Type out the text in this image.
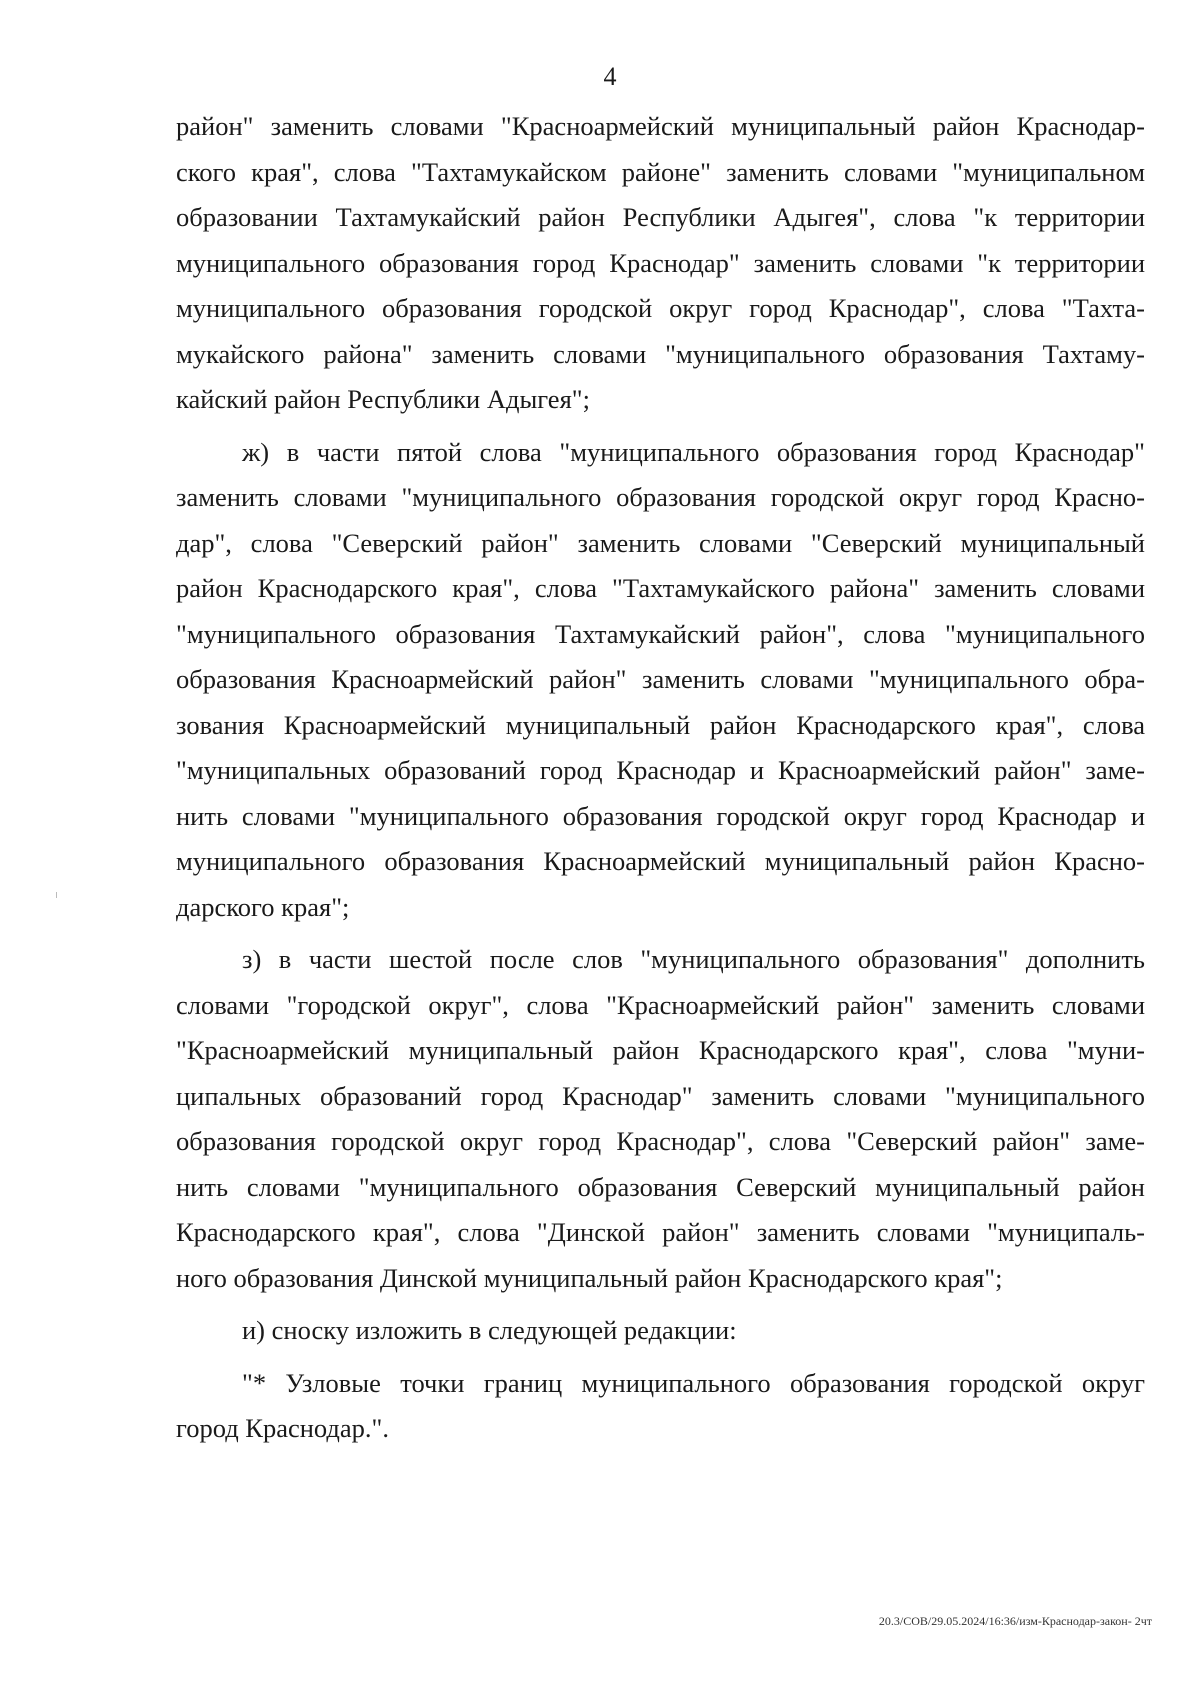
4
район" заменить словами "Красноармейский муниципальный район Краснодар-
ского края", слова "Тахтамукайском районе" заменить словами "муниципальном
образовании Тахтамукайский район Республики Адыгея", слова "к территории
муниципального образования город Краснодар" заменить словами "к территории
муниципального образования городской округ город Краснодар", слова "Тахта-
мукайского района" заменить словами "муниципального образования Тахтаму-
кайский район Республики Адыгея";
ж) в части пятой слова "муниципального образования город Краснодар"
заменить словами "муниципального образования городской округ город Красно-
дар", слова "Северский район" заменить словами "Северский муниципальный
район Краснодарского края", слова "Тахтамукайского района" заменить словами
"муниципального образования Тахтамукайский район", слова "муниципального
образования Красноармейский район" заменить словами "муниципального обра-
зования Красноармейский муниципальный район Краснодарского края", слова
"муниципальных образований город Краснодар и Красноармейский район" заме-
нить словами "муниципального образования городской округ город Краснодар и
муниципального образования Красноармейский муниципальный район Красно-
дарского края";
з) в части шестой после слов "муниципального образования" дополнить
словами "городской округ", слова "Красноармейский район" заменить словами
"Красноармейский муниципальный район Краснодарского края", слова "муни-
ципальных образований город Краснодар" заменить словами "муниципального
образования городской округ город Краснодар", слова "Северский район" заме-
нить словами "муниципального образования Северский муниципальный район
Краснодарского края", слова "Динской район" заменить словами "муниципаль-
ного образования Динской муниципальный район Краснодарского края";
и) сноску изложить в следующей редакции:
"* Узловые точки границ муниципального образования городской округ
город Краснодар.".
20.3/СОВ/29.05.2024/16:36/изм-Краснодар-закон- 2чт
